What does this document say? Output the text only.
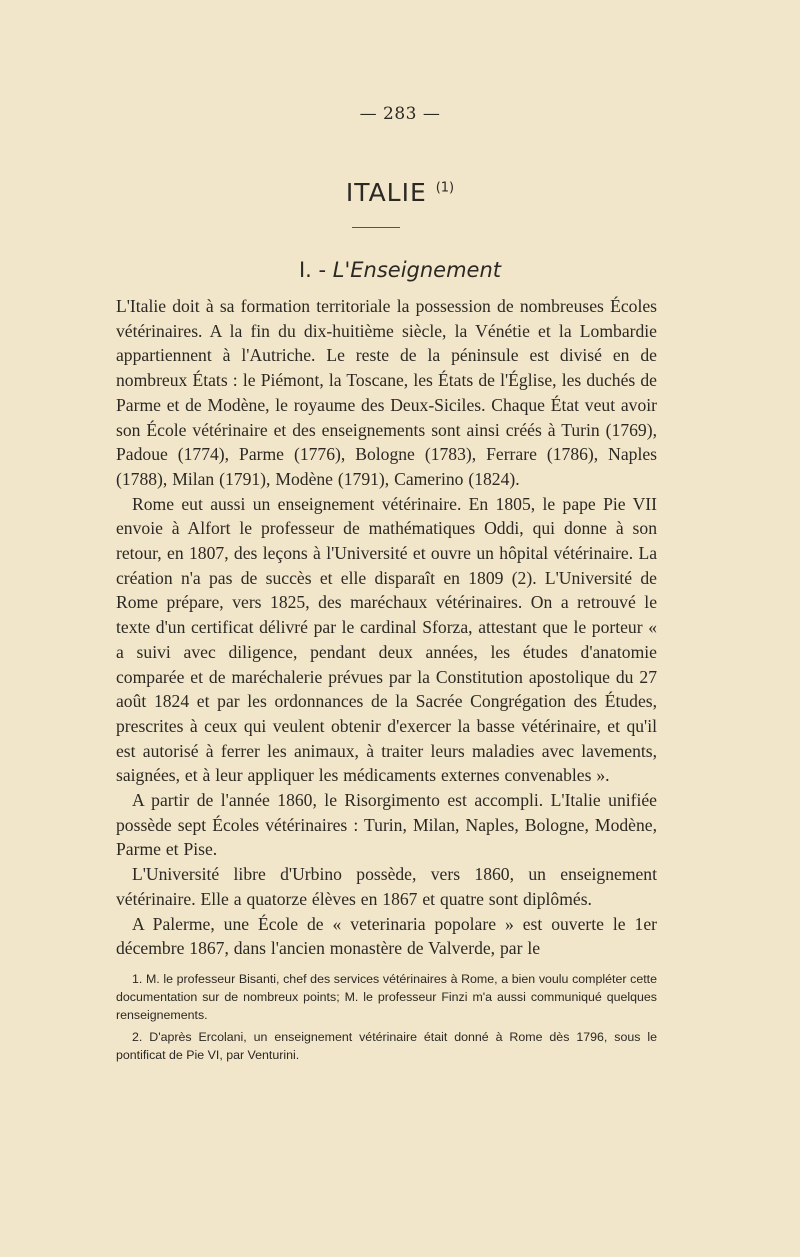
— 283 —
ITALIE $^{(1)}$
I. - L'Enseignement

L'Italie doit à sa formation territoriale la possession de nombreuses Écoles vétérinaires. A la fin du dix-huitième siècle, la Vénétie et la Lombardie appartiennent à l'Autriche. Le reste de la péninsule est divisé en de nombreux États : le Piémont, la Toscane, les États de l'Église, les duchés de Parme et de Modène, le royaume des Deux-Siciles. Chaque État veut avoir son École vétérinaire et des enseignements sont ainsi créés à Turin (1769), Padoue (1774), Parme (1776), Bologne (1783), Ferrare (1786), Naples (1788), Milan (1791), Modène (1791), Camerino (1824).

Rome eut aussi un enseignement vétérinaire. En 1805, le pape Pie VII envoie à Alfort le professeur de mathématiques Oddi, qui donne à son retour, en 1807, des leçons à l'Université et ouvre un hôpital vétérinaire. La création n'a pas de succès et elle disparaît en 1809 (2). L'Université de Rome prépare, vers 1825, des maréchaux vétérinaires. On a retrouvé le texte d'un certificat délivré par le cardinal Sforza, attestant que le porteur « a suivi avec diligence, pendant deux années, les études d'anatomie comparée et de maréchalerie prévues par la Constitution apostolique du 27 août 1824 et par les ordonnances de la Sacrée Congrégation des Études, prescrites à ceux qui veulent obtenir d'exercer la basse vétérinaire, et qu'il est autorisé à ferrer les animaux, à traiter leurs maladies avec lavements, saignées, et à leur appliquer les médicaments externes convenables ».

A partir de l'année 1860, le Risorgimento est accompli. L'Italie unifiée possède sept Écoles vétérinaires : Turin, Milan, Naples, Bologne, Modène, Parme et Pise.

L'Université libre d'Urbino possède, vers 1860, un enseignement vétérinaire. Elle a quatorze élèves en 1867 et quatre sont diplômés.

A Palerme, une École de « veterinaria popolare » est ouverte le 1er décembre 1867, dans l'ancien monastère de Valverde, par le

1. M. le professeur Bisanti, chef des services vétérinaires à Rome, a bien voulu compléter cette documentation sur de nombreux points; M. le professeur Finzi m'a aussi communiqué quelques renseignements.

2. D'après Ercolani, un enseignement vétérinaire était donné à Rome dès 1796, sous le pontificat de Pie VI, par Venturini.
